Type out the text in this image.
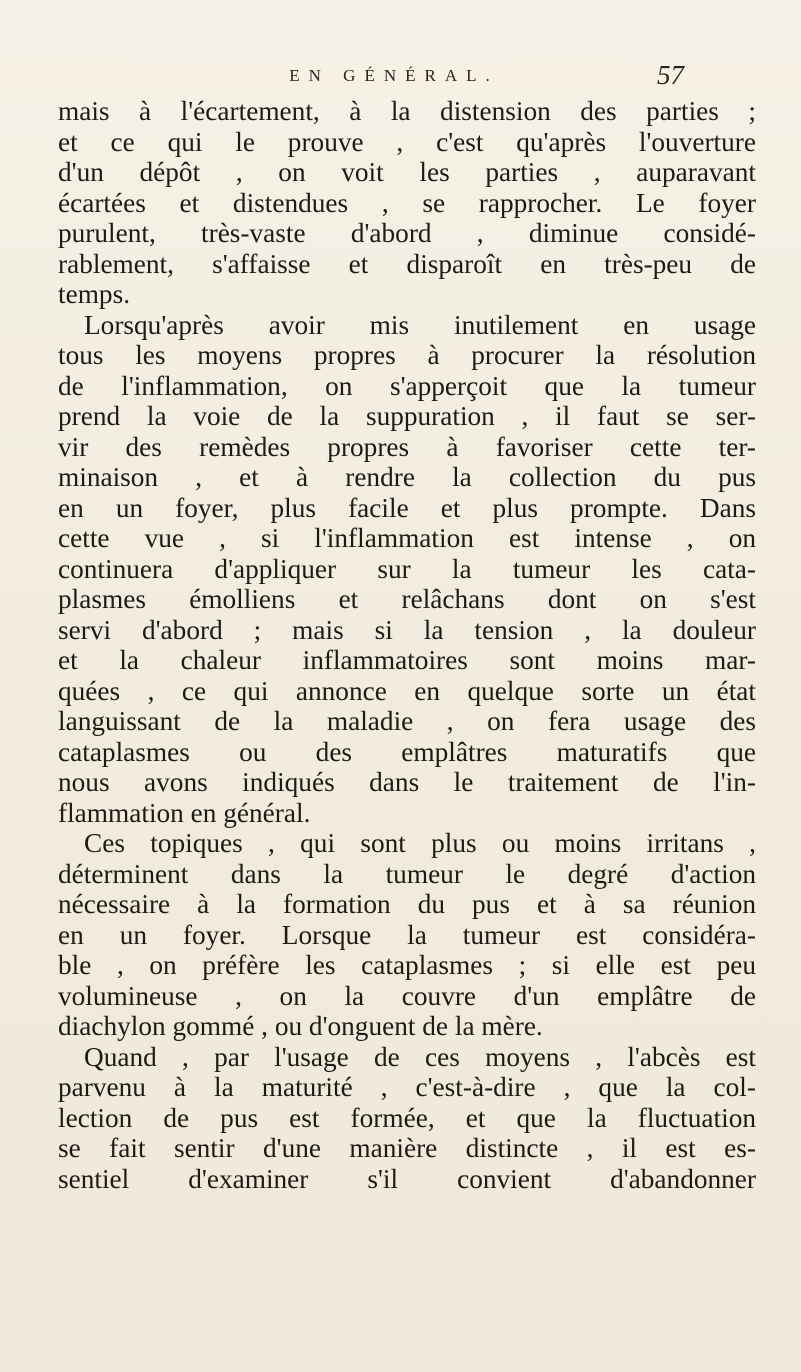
EN GÉNÉRAL.	57
mais à l'écartement, à la distension des parties ;
et ce qui le prouve , c'est qu'après l'ouverture
d'un dépôt , on voit les parties , auparavant
écartées et distendues , se rapprocher. Le foyer
purulent, très-vaste d'abord , diminue considé-
rablement, s'affaisse et disparoît en très-peu de
temps.
Lorsqu'après avoir mis inutilement en usage
tous les moyens propres à procurer la résolution
de l'inflammation, on s'apperçoit que la tumeur
prend la voie de la suppuration , il faut se ser-
vir des remèdes propres à favoriser cette ter-
minaison , et à rendre la collection du pus
en un foyer, plus facile et plus prompte. Dans
cette vue , si l'inflammation est intense , on
continuera d'appliquer sur la tumeur les cata-
plasmes émolliens et relâchans dont on s'est
servi d'abord ; mais si la tension , la douleur
et la chaleur inflammatoires sont moins mar-
quées , ce qui annonce en quelque sorte un état
languissant de la maladie , on fera usage des
cataplasmes ou des emplâtres maturatifs que
nous avons indiqués dans le traitement de l'in-
flammation en général.
Ces topiques , qui sont plus ou moins irritans ,
déterminent dans la tumeur le degré d'action
nécessaire à la formation du pus et à sa réunion
en un foyer. Lorsque la tumeur est considéra-
ble , on préfère les cataplasmes ; si elle est peu
volumineuse , on la couvre d'un emplâtre de
diachylon gommé , ou d'onguent de la mère.
Quand , par l'usage de ces moyens , l'abcès est
parvenu à la maturité , c'est-à-dire , que la col-
lection de pus est formée, et que la fluctuation
se fait sentir d'une manière distincte , il est es-
sentiel d'examiner s'il convient d'abandonner
